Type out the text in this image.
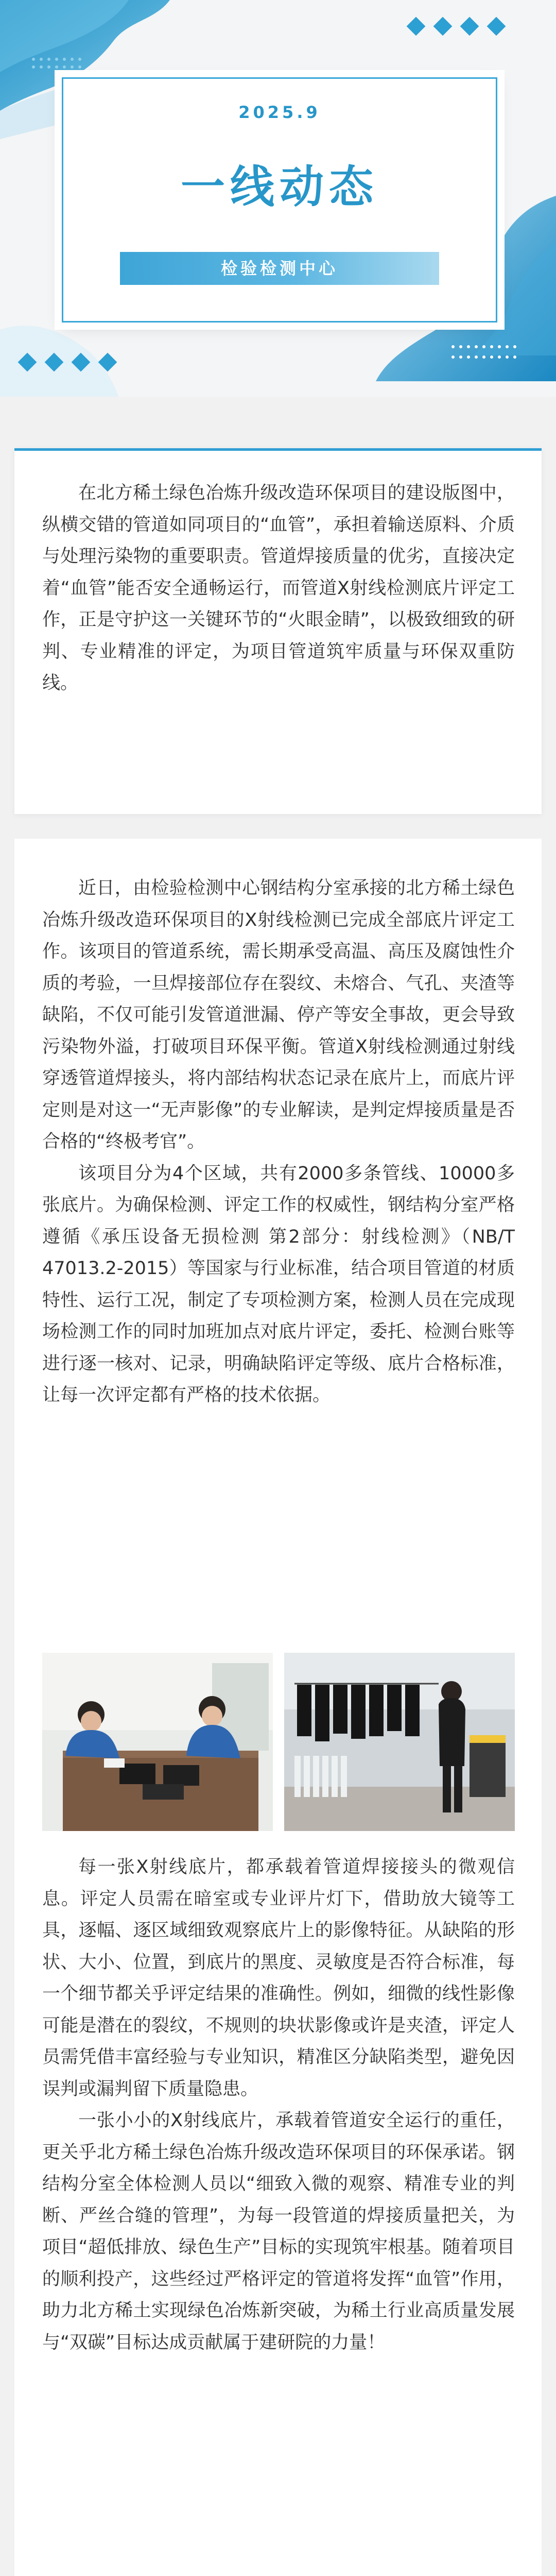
2025.9
一线动态
检验检测中心

在北方稀土绿色冶炼升级改造环保项目的建设版图中，纵横交错的管道如同项目的“血管”，承担着输送原料、介质与处理污染物的重要职责。管道焊接质量的优劣，直接决定着“血管”能否安全通畅运行，而管道X射线检测底片评定工作，正是守护这一关键环节的“火眼金睛”，以极致细致的研判、专业精准的评定，为项目管道筑牢质量与环保双重防线。

近日，由检验检测中心钢结构分室承接的北方稀土绿色冶炼升级改造环保项目的X射线检测已完成全部底片评定工作。该项目的管道系统，需长期承受高温、高压及腐蚀性介质的考验，一旦焊接部位存在裂纹、未熔合、气孔、夹渣等缺陷，不仅可能引发管道泄漏、停产等安全事故，更会导致污染物外溢，打破项目环保平衡。管道X射线检测通过射线穿透管道焊接头，将内部结构状态记录在底片上，而底片评定则是对这一“无声影像”的专业解读，是判定焊接质量是否合格的“终极考官”。

该项目分为4个区域，共有2000多条管线、10000多张底片。为确保检测、评定工作的权威性，钢结构分室严格遵循《承压设备无损检测 第2部分：射线检测》（NB/T 47013.2-2015）等国家与行业标准，结合项目管道的材质特性、运行工况，制定了专项检测方案，检测人员在完成现场检测工作的同时加班加点对底片评定，委托、检测台账等进行逐一核对、记录，明确缺陷评定等级、底片合格标准，让每一次评定都有严格的技术依据。

每一张X射线底片，都承载着管道焊接接头的微观信息。评定人员需在暗室或专业评片灯下，借助放大镜等工具，逐幅、逐区域细致观察底片上的影像特征。从缺陷的形状、大小、位置，到底片的黑度、灵敏度是否符合标准，每一个细节都关乎评定结果的准确性。例如，细微的线性影像可能是潜在的裂纹，不规则的块状影像或许是夹渣，评定人员需凭借丰富经验与专业知识，精准区分缺陷类型，避免因误判或漏判留下质量隐患。

一张小小的X射线底片，承载着管道安全运行的重任，更关乎北方稀土绿色冶炼升级改造环保项目的环保承诺。钢结构分室全体检测人员以“细致入微的观察、精准专业的判断、严丝合缝的管理”，为每一段管道的焊接质量把关，为项目“超低排放、绿色生产”目标的实现筑牢根基。随着项目的顺利投产，这些经过严格评定的管道将发挥“血管”作用，助力北方稀土实现绿色冶炼新突破，为稀土行业高质量发展与“双碳”目标达成贡献属于建研院的力量！
